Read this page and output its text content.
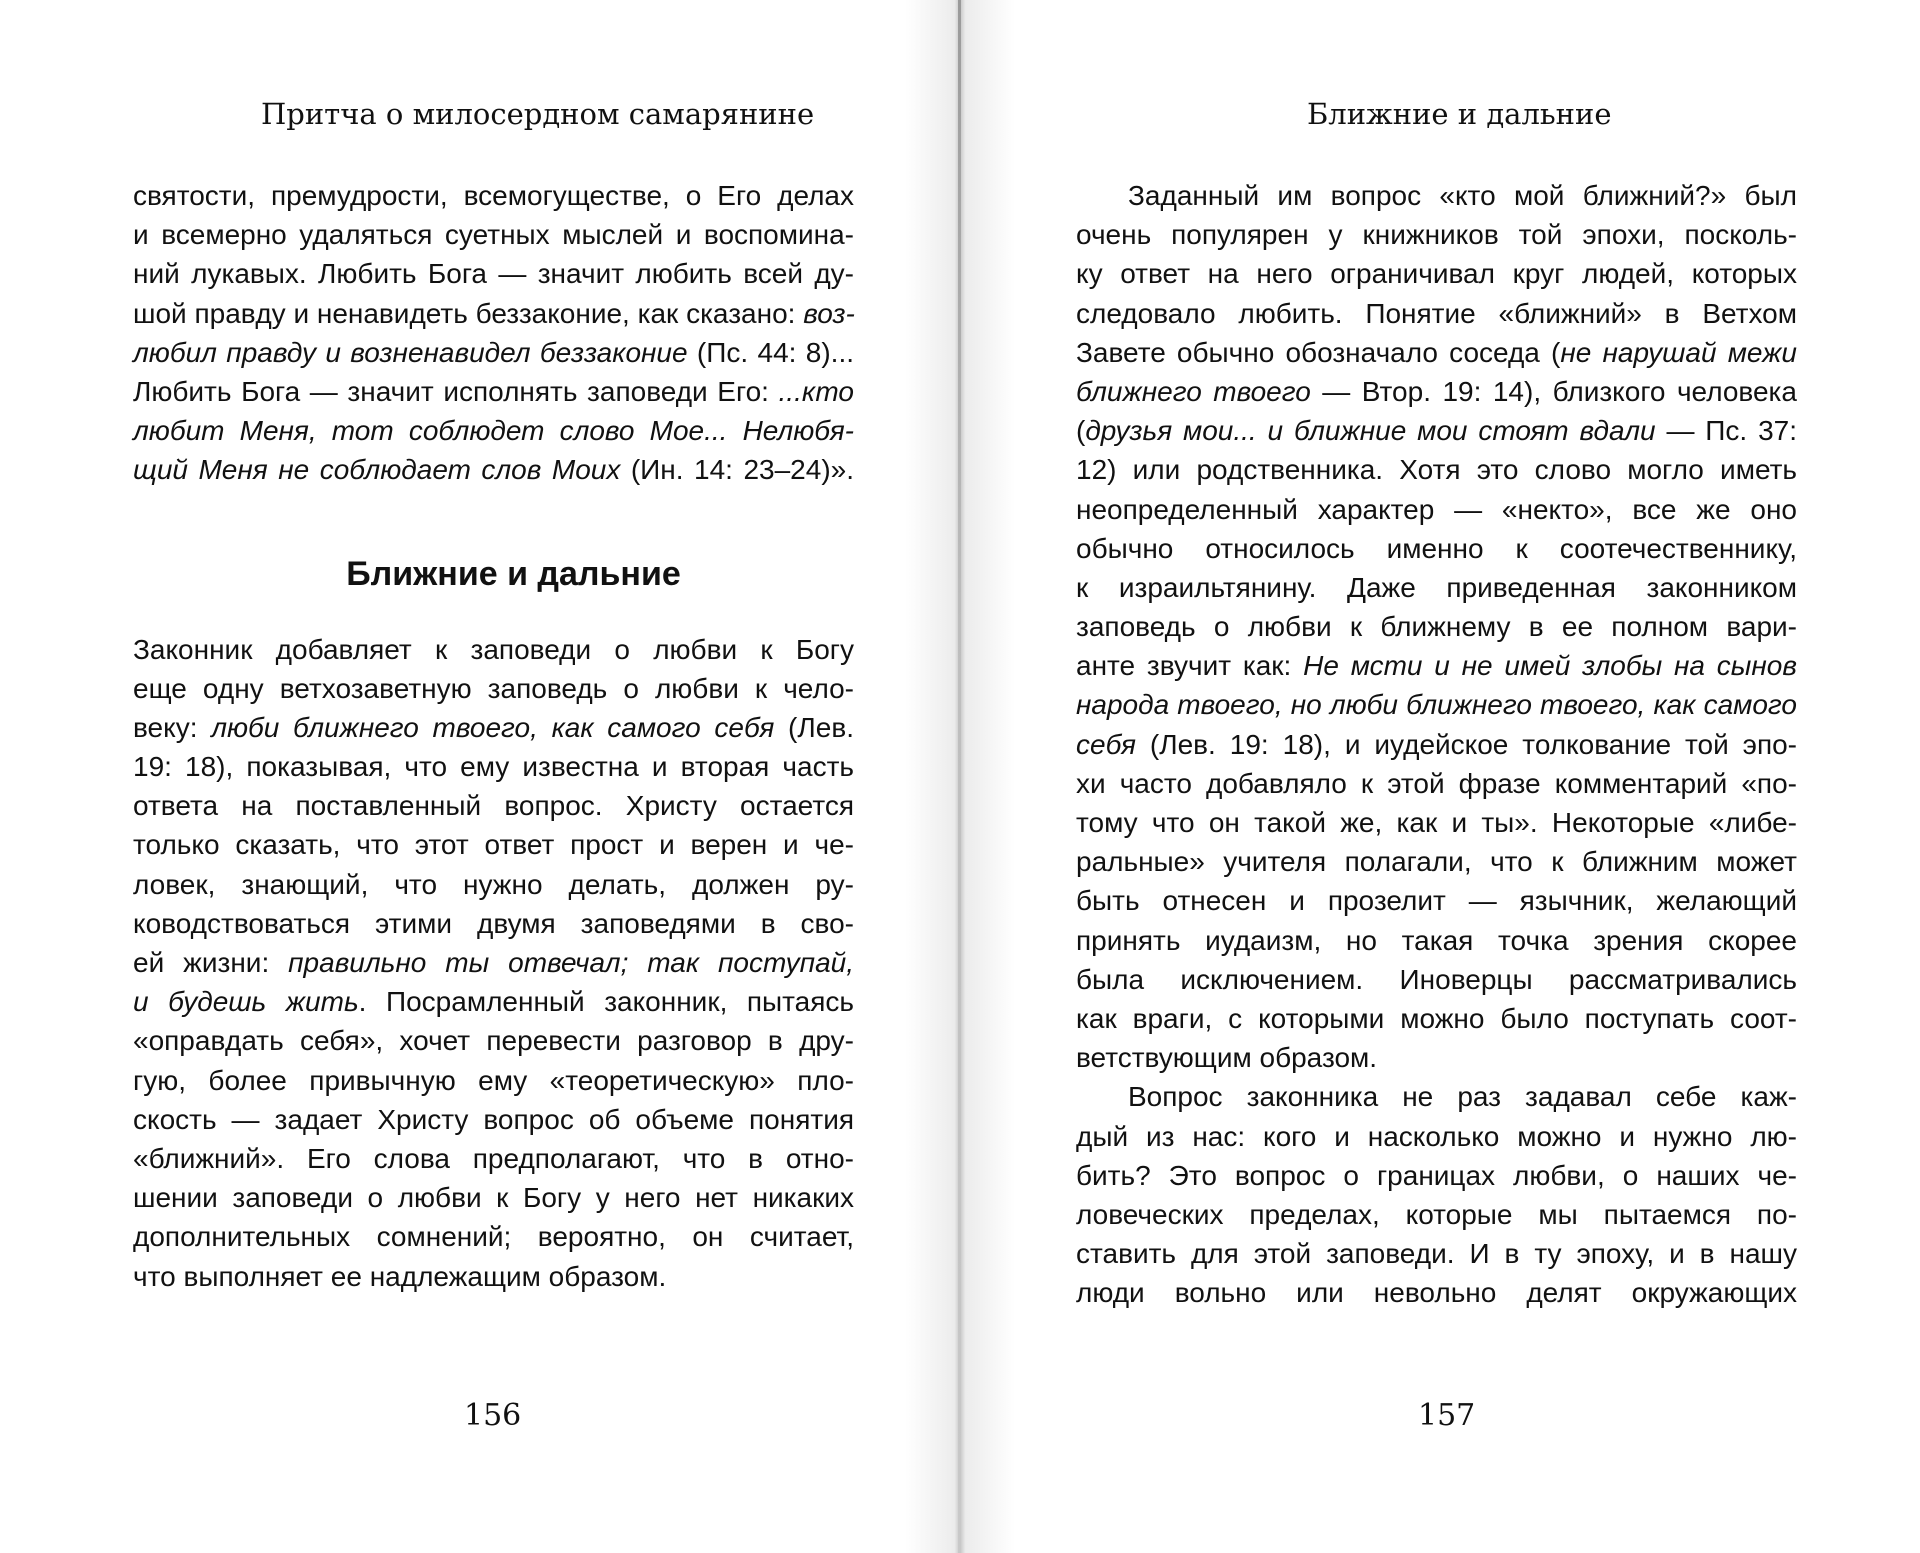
Притча о милосердном самарянине
святости, премудрости, всемогуществе, о Его делах
и всемерно удаляться суетных мыслей и воспомина-
ний лукавых. Любить Бога — значит любить всей ду-
шой правду и ненавидеть беззаконие, как сказано: воз-
любил правду и возненавидел беззаконие (Пс. 44: 8)...
Любить Бога — значит исполнять заповеди Его: ...кто
любит Меня, тот соблюдет слово Мое... Нелюбя-
щий Меня не соблюдает слов Моих (Ин. 14: 23–24)».
Ближние и дальние
Законник добавляет к заповеди о любви к Богу
еще одну ветхозаветную заповедь о любви к чело-
веку: люби ближнего твоего, как самого себя (Лев.
19: 18), показывая, что ему известна и вторая часть
ответа на поставленный вопрос. Христу остается
только сказать, что этот ответ прост и верен и че-
ловек, знающий, что нужно делать, должен ру-
ководствоваться этими двумя заповедями в сво-
ей жизни: правильно ты отвечал; так поступай,
и будешь жить. Посрамленный законник, пытаясь
«оправдать себя», хочет перевести разговор в дру-
гую, более привычную ему «теоретическую» пло-
скость — задает Христу вопрос об объеме понятия
«ближний». Его слова предполагают, что в отно-
шении заповеди о любви к Богу у него нет никаких
дополнительных сомнений; вероятно, он считает,
что выполняет ее надлежащим образом.
156
Ближние и дальние
Заданный им вопрос «кто мой ближний?» был
очень популярен у книжников той эпохи, посколь-
ку ответ на него ограничивал круг людей, которых
следовало любить. Понятие «ближний» в Ветхом
Завете обычно обозначало соседа (не нарушай межи
ближнего твоего — Втор. 19: 14), близкого человека
(друзья мои... и ближние мои стоят вдали — Пс. 37:
12) или родственника. Хотя это слово могло иметь
неопределенный характер — «некто», все же оно
обычно относилось именно к соотечественнику,
к израильтянину. Даже приведенная законником
заповедь о любви к ближнему в ее полном вари-
анте звучит как: Не мсти и не имей злобы на сынов
народа твоего, но люби ближнего твоего, как самого
себя (Лев. 19: 18), и иудейское толкование той эпо-
хи часто добавляло к этой фразе комментарий «по-
тому что он такой же, как и ты». Некоторые «либе-
ральные» учителя полагали, что к ближним может
быть отнесен и прозелит — язычник, желающий
принять иудаизм, но такая точка зрения скорее
была исключением. Иноверцы рассматривались
как враги, с которыми можно было поступать соот-
ветствующим образом.
Вопрос законника не раз задавал себе каж-
дый из нас: кого и насколько можно и нужно лю-
бить? Это вопрос о границах любви, о наших че-
ловеческих пределах, которые мы пытаемся по-
ставить для этой заповеди. И в ту эпоху, и в нашу
люди вольно или невольно делят окружающих
157
